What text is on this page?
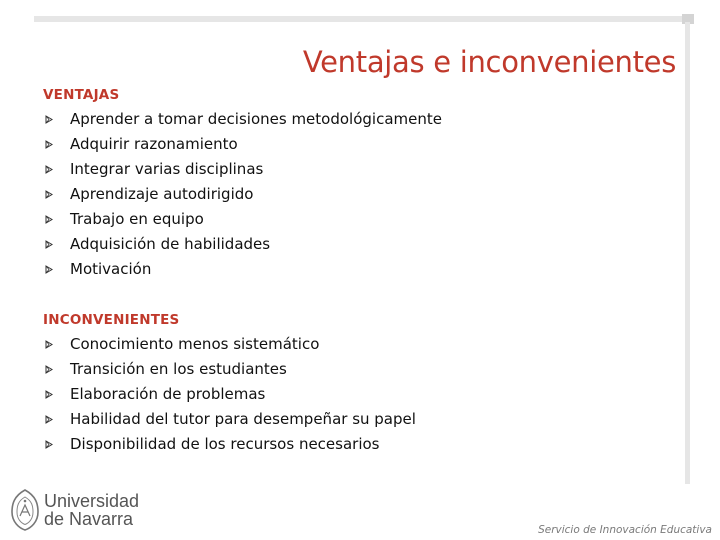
Ventajas e inconvenientes
VENTAJAS
Aprender a tomar decisiones metodológicamente
Adquirir razonamiento
Integrar varias disciplinas
Aprendizaje autodirigido
Trabajo en equipo
Adquisición de habilidades
Motivación
INCONVENIENTES
Conocimiento menos sistemático
Transición en los estudiantes
Elaboración de problemas
Habilidad del tutor para desempeñar su papel
Disponibilidad de los recursos necesarios
Universidad
de Navarra
Servicio de Innovación Educativa
